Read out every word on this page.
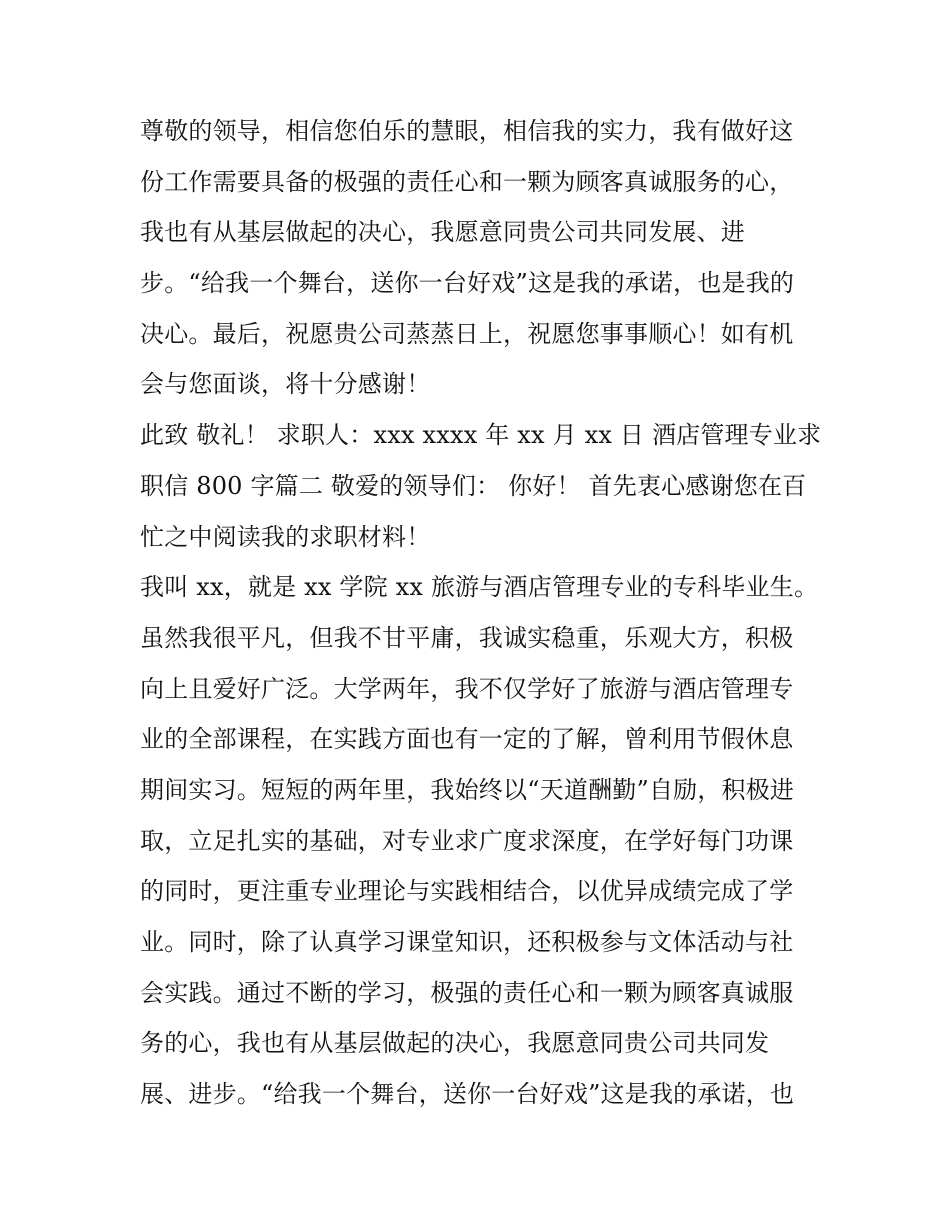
尊敬的领导，相信您伯乐的慧眼，相信我的实力，我有做好这
份工作需要具备的极强的责任心和一颗为顾客真诚服务的心，
我也有从基层做起的决心，我愿意同贵公司共同发展、进
步。“给我一个舞台，送你一台好戏”这是我的承诺，也是我的
决心。最后，祝愿贵公司蒸蒸日上，祝愿您事事顺心！如有机
会与您面谈，将十分感谢！
此致 敬礼！ 求职人：xxx xxxx 年 xx 月 xx 日 酒店管理专业求
职信 800 字篇二 敬爱的领导们： 你好！ 首先衷心感谢您在百
忙之中阅读我的求职材料！
我叫 xx，就是 xx 学院 xx 旅游与酒店管理专业的专科毕业生。
虽然我很平凡，但我不甘平庸，我诚实稳重，乐观大方，积极
向上且爱好广泛。大学两年，我不仅学好了旅游与酒店管理专
业的全部课程，在实践方面也有一定的了解，曾利用节假休息
期间实习。短短的两年里，我始终以“天道酬勤”自励，积极进
取，立足扎实的基础，对专业求广度求深度，在学好每门功课
的同时，更注重专业理论与实践相结合，以优异成绩完成了学
业。同时，除了认真学习课堂知识，还积极参与文体活动与社
会实践。通过不断的学习，极强的责任心和一颗为顾客真诚服
务的心，我也有从基层做起的决心，我愿意同贵公司共同发
展、进步。“给我一个舞台，送你一台好戏”这是我的承诺，也
